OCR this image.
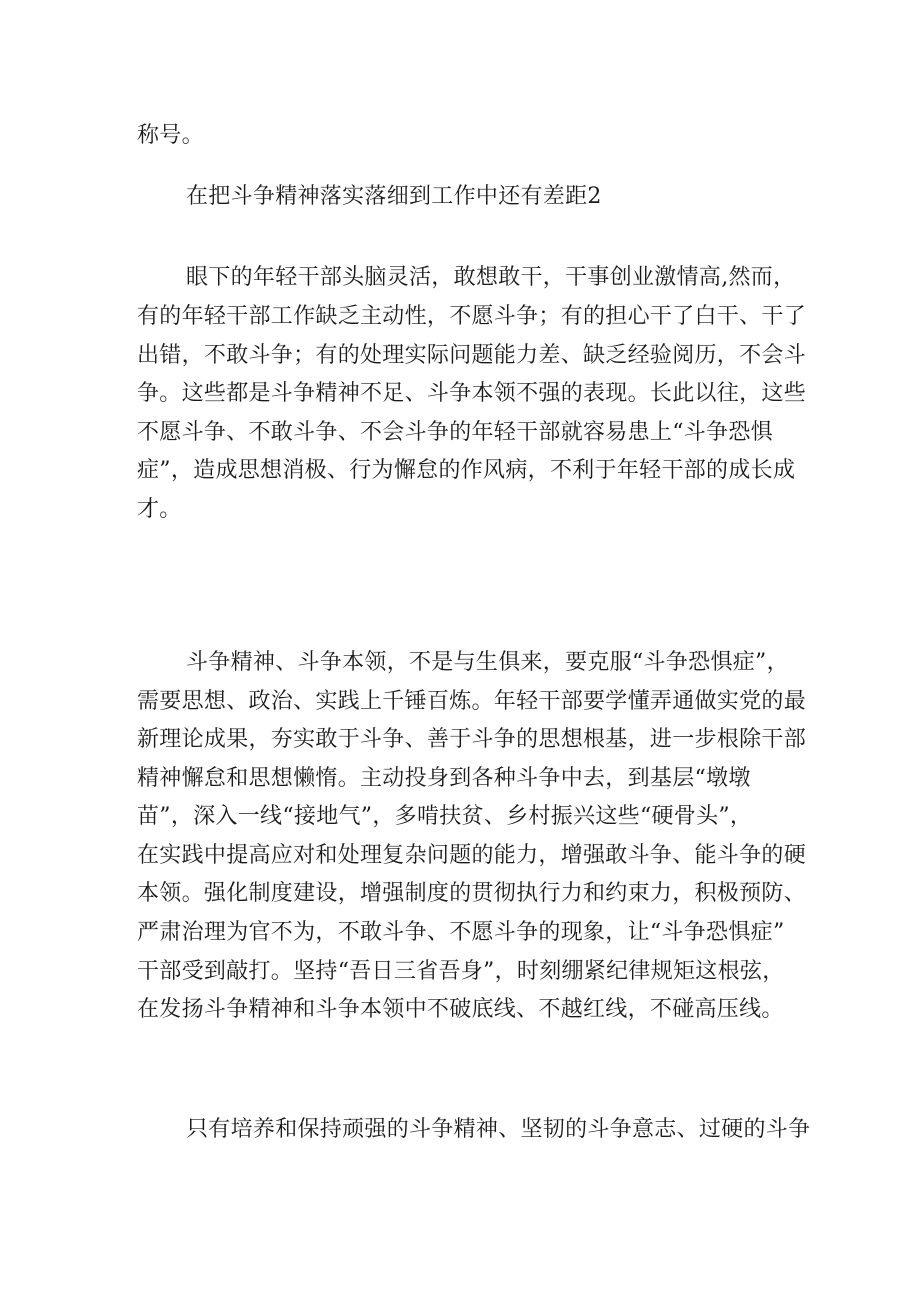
称号。
在把斗争精神落实落细到工作中还有差距2
眼下的年轻干部头脑灵活，敢想敢干，干事创业激情高,然而，
有的年轻干部工作缺乏主动性，不愿斗争；有的担心干了白干、干了
出错，不敢斗争；有的处理实际问题能力差、缺乏经验阅历，不会斗
争。这些都是斗争精神不足、斗争本领不强的表现。长此以往，这些
不愿斗争、不敢斗争、不会斗争的年轻干部就容易患上“斗争恐惧
症”，造成思想消极、行为懈怠的作风病，不利于年轻干部的成长成
才。
斗争精神、斗争本领，不是与生俱来，要克服“斗争恐惧症”，
需要思想、政治、实践上千锤百炼。年轻干部要学懂弄通做实党的最
新理论成果，夯实敢于斗争、善于斗争的思想根基，进一步根除干部
精神懈怠和思想懒惰。主动投身到各种斗争中去，到基层“墩墩
苗”，深入一线“接地气”，多啃扶贫、乡村振兴这些“硬骨头”，
在实践中提高应对和处理复杂问题的能力，增强敢斗争、能斗争的硬
本领。强化制度建设，增强制度的贯彻执行力和约束力，积极预防、
严肃治理为官不为，不敢斗争、不愿斗争的现象，让“斗争恐惧症”
干部受到敲打。坚持“吾日三省吾身”，时刻绷紧纪律规矩这根弦，
在发扬斗争精神和斗争本领中不破底线、不越红线，不碰高压线。
只有培养和保持顽强的斗争精神、坚韧的斗争意志、过硬的斗争
